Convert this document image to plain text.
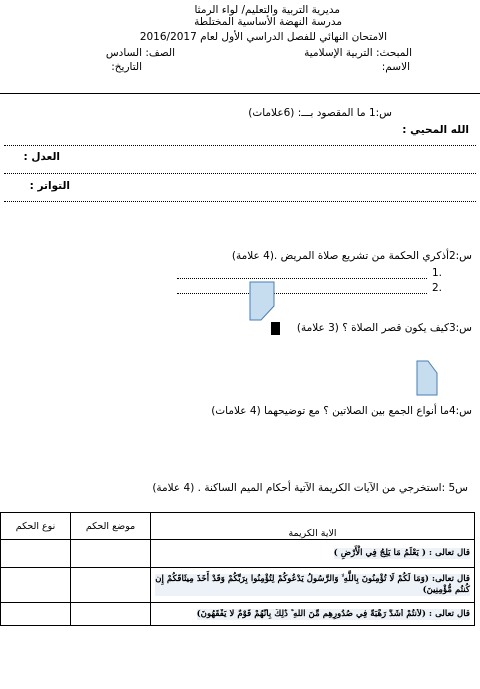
مديرية التربية والتعليم/ لواء الرمثا
مدرسة النهضة الأساسية المختلطة
الامتحان النهائي للفصل الدراسي الأول لعام 2016/2017
المبحث: التربية الإسلامية
الصف: السادس
الاسم:
التاريخ:
س:1 ما المقصود بـــ: (6علامات)
الله المحيي :
العدل :
التواتر :
س:2أذكري الحكمة من تشريع صلاة المريض .(4 علامة)
1.
2.
س:3كيف يكون قصر الصلاة ؟ (3 علامة)
س:4ما أنواع الجمع بين الصلاتين ؟ مع توضيحهما (4 علامات)
س5 :استخرجي من الآيات الكريمة الآتية أحكام الميم الساكنة . (4 علامة)
نوع الحكم	موضع الحكم	الاية الكريمة

		قال تعالى : ( يَعْلَمُ مَا يَلِجُ فِي الْأَرْضِ )

		قال تعالى: (وَمَا لَكُمْ لَا تُؤْمِنُونَ بِاللَّهِ ۙ وَالرَّسُولُ يَدْعُوكُمْ لِتُؤْمِنُوا بِرَبِّكُمْ وَقَدْ أَخَذَ مِيثَاقَكُمْ إِن كُنتُم مُّؤْمِنِينَ)

		قال تعالى : (لَأَنتُمْ أَشَدُّ رَهْبَةً فِي صُدُورِهِم مِّنَ اللَّهِ ۚ ذَٰلِكَ بِأَنَّهُمْ قَوْمٌ لَّا يَفْقَهُونَ)
